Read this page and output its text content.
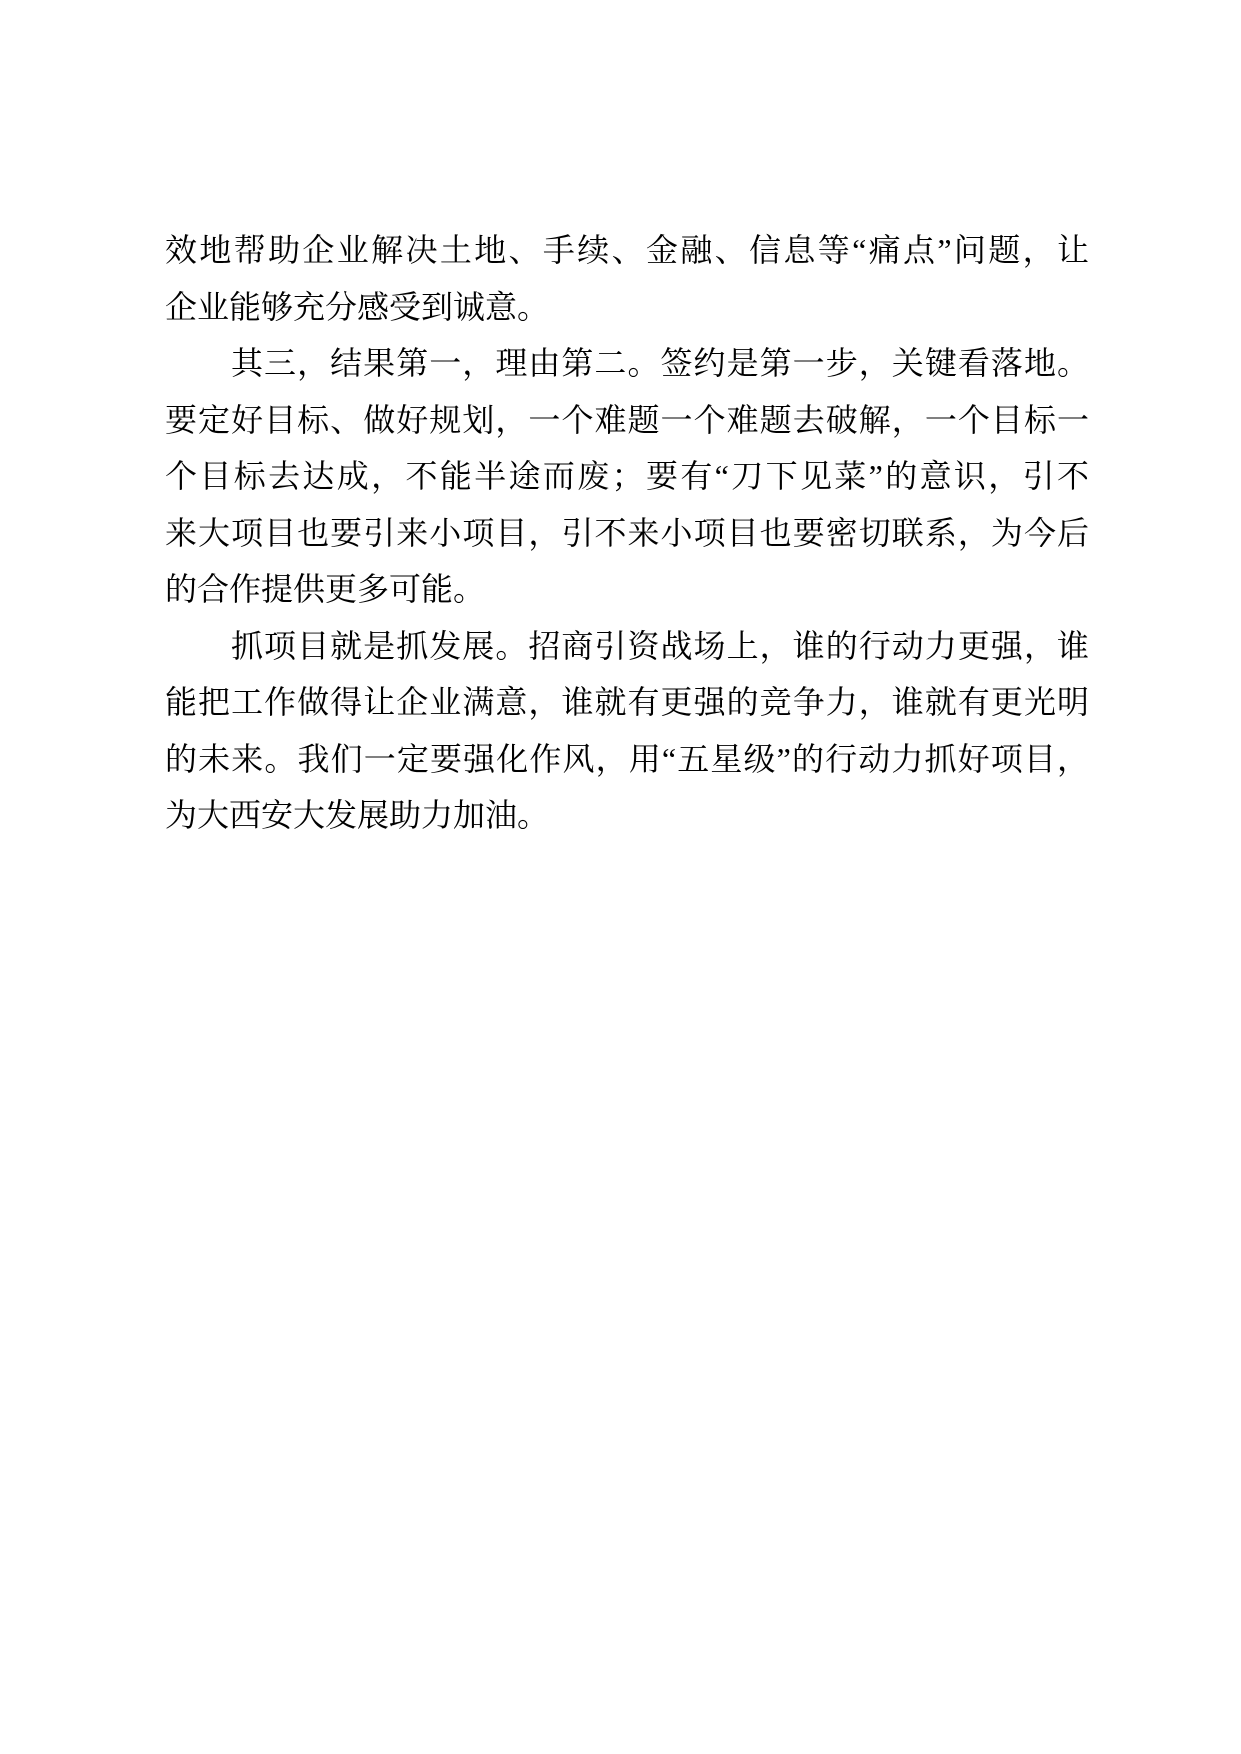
效地帮助企业解决土地、手续、金融、信息等“痛点”问题，让
企业能够充分感受到诚意。
其三，结果第一，理由第二。签约是第一步，关键看落地。
要定好目标、做好规划，一个难题一个难题去破解，一个目标一
个目标去达成，不能半途而废；要有“刀下见菜”的意识，引不
来大项目也要引来小项目，引不来小项目也要密切联系，为今后
的合作提供更多可能。
抓项目就是抓发展。招商引资战场上，谁的行动力更强，谁
能把工作做得让企业满意，谁就有更强的竞争力，谁就有更光明
的未来。我们一定要强化作风，用“五星级”的行动力抓好项目，
为大西安大发展助力加油。
